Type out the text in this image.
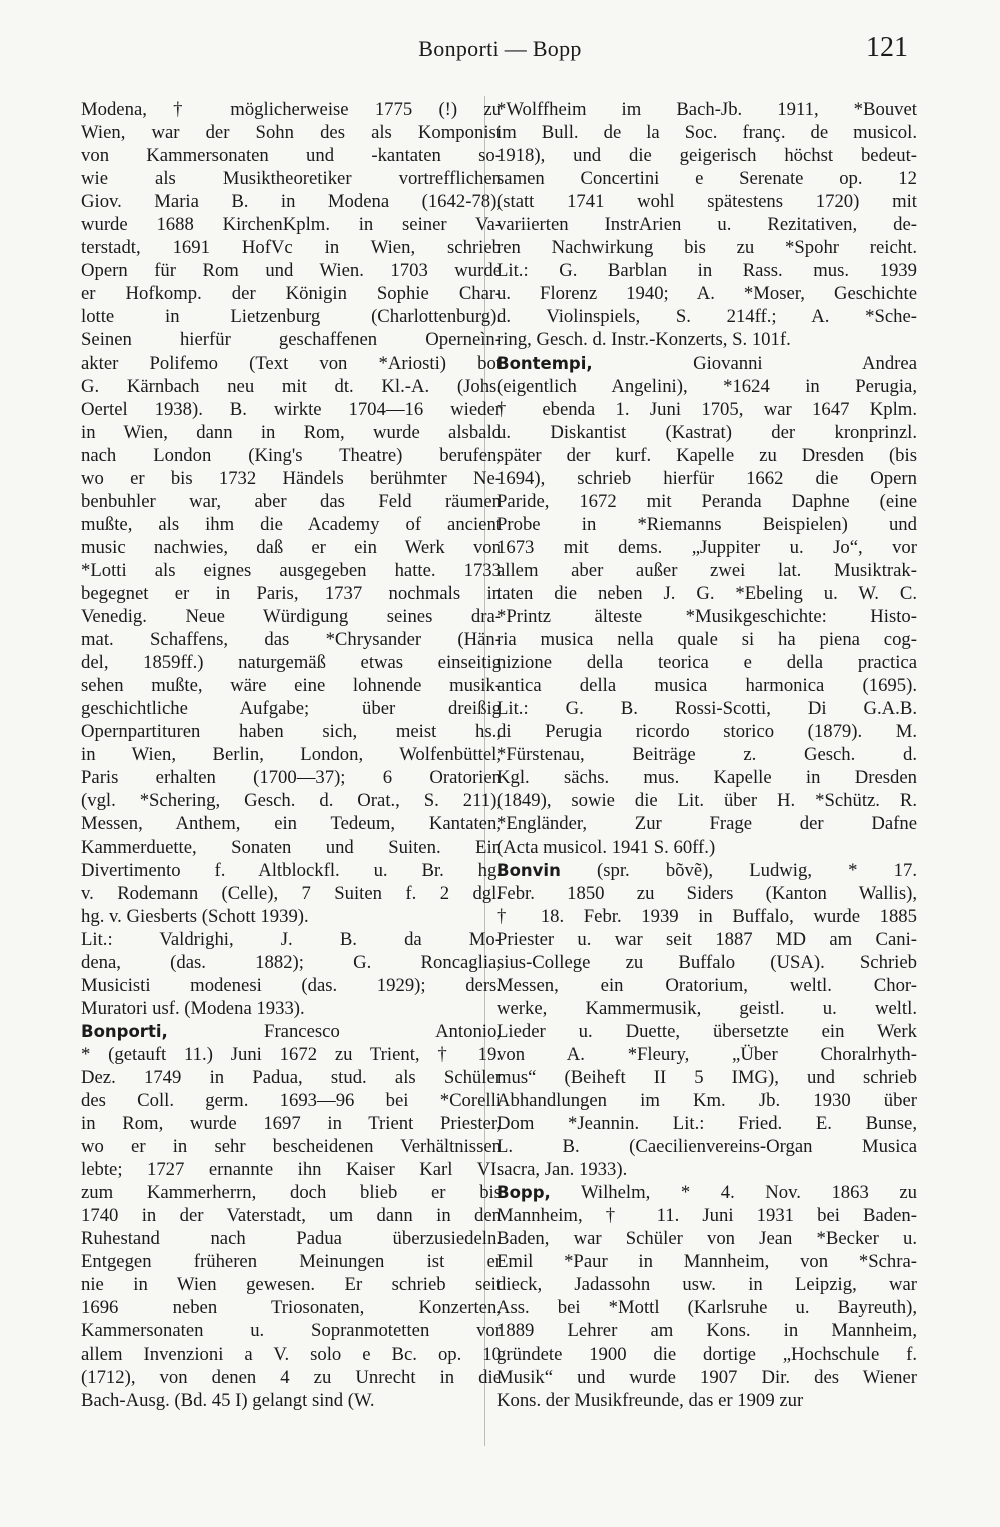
Bonporti — Bopp	121
Modena, † möglicherweise 1775 (!) zu
Wien, war der Sohn des als Komponist
von Kammersonaten und -kantaten so-
wie als Musiktheoretiker vortrefflichen
Giov. Maria B. in Modena (1642-78),
wurde 1688 KirchenKplm. in seiner Va-
terstadt, 1691 HofVc in Wien, schrieb
Opern für Rom und Wien. 1703 wurde
er Hofkomp. der Königin Sophie Char-
lotte in Lietzenburg (Charlottenburg).
Seinen hierfür geschaffenen Operneìn-
akter Polifemo (Text von *Ariosti) bot
G. Kärnbach neu mit dt. Kl.-A. (Johs.
Oertel 1938). B. wirkte 1704—16 wieder
in Wien, dann in Rom, wurde alsbald
nach London (King's Theatre) berufen,
wo er bis 1732 Händels berühmter Ne-
benbuhler war, aber das Feld räumen
mußte, als ihm die Academy of ancient
music nachwies, daß er ein Werk von
*Lotti als eignes ausgegeben hatte. 1733
begegnet er in Paris, 1737 nochmals in
Venedig. Neue Würdigung seines dra-
mat. Schaffens, das *Chrysander (Hän-
del, 1859ff.) naturgemäß etwas einseitig
sehen mußte, wäre eine lohnende musik-
geschichtliche Aufgabe; über dreißig
Opernpartituren haben sich, meist hs.,
in Wien, Berlin, London, Wolfenbüttel,
Paris erhalten (1700—37); 6 Oratorien
(vgl. *Schering, Gesch. d. Orat., S. 211),
Messen, Anthem, ein Tedeum, Kantaten,
Kammerduette, Sonaten und Suiten. Ein
Divertimento f. Altblockfl. u. Br. hg.
v. Rodemann (Celle), 7 Suiten f. 2 dgl.
hg. v. Giesberts (Schott 1939).
Lit.: Valdrighi, J. B. da Mo-
dena, (das. 1882); G. Roncaglia,
Musicisti modenesi (das. 1929); ders.
Muratori usf. (Modena 1933).
Bonporti, Francesco Antonio,
* (getauft 11.) Juni 1672 zu Trient, † 19.
Dez. 1749 in Padua, stud. als Schüler
des Coll. germ. 1693—96 bei *Corelli
in Rom, wurde 1697 in Trient Priester,
wo er in sehr bescheidenen Verhältnissen
lebte; 1727 ernannte ihn Kaiser Karl VI.
zum Kammerherrn, doch blieb er bis
1740 in der Vaterstadt, um dann in den
Ruhestand nach Padua überzusiedeln.
Entgegen früheren Meinungen ist er
nie in Wien gewesen. Er schrieb seit
1696 neben Triosonaten, Konzerten,
Kammersonaten u. Sopranmotetten vor
allem Invenzioni a V. solo e Bc. op. 10
(1712), von denen 4 zu Unrecht in die
Bach-Ausg. (Bd. 45 I) gelangt sind (W.
*Wolffheim im Bach-Jb. 1911, *Bouvet
im Bull. de la Soc. franç. de musicol.
1918), und die geigerisch höchst bedeut-
samen Concertini e Serenate op. 12
(statt 1741 wohl spätestens 1720) mit
variierten InstrArien u. Rezitativen, de-
ren Nachwirkung bis zu *Spohr reicht.
Lit.: G. Barblan in Rass. mus. 1939
u. Florenz 1940; A. *Moser, Geschichte
d. Violinspiels, S. 214ff.; A. *Sche-
ring, Gesch. d. Instr.-Konzerts, S. 101f.
Bontempi, Giovanni Andrea
(eigentlich Angelini), *1624 in Perugia,
† ebenda 1. Juni 1705, war 1647 Kplm.
u. Diskantist (Kastrat) der kronprinzl.
später der kurf. Kapelle zu Dresden (bis
1694), schrieb hierfür 1662 die Opern
Paride, 1672 mit Peranda Daphne (eine
Probe in *Riemanns Beispielen) und
1673 mit dems. „Juppiter u. Jo“, vor
allem aber außer zwei lat. Musiktrak-
taten die neben J. G. *Ebeling u. W. C.
*Printz älteste *Musikgeschichte: Histo-
ria musica nella quale si ha piena cog-
nizione della teorica e della practica
antica della musica harmonica (1695).
Lit.: G. B. Rossi-Scotti, Di G.A.B.
di Perugia ricordo storico (1879). M.
*Fürstenau, Beiträge z. Gesch. d.
Kgl. sächs. mus. Kapelle in Dresden
(1849), sowie die Lit. über H. *Schütz. R.
*Engländer, Zur Frage der Dafne
(Acta musicol. 1941 S. 60ff.)
Bonvin (spr. bõvẽ), Ludwig, * 17.
Febr. 1850 zu Siders (Kanton Wallis),
† 18. Febr. 1939 in Buffalo, wurde 1885
Priester u. war seit 1887 MD am Cani-
sius-College zu Buffalo (USA). Schrieb
Messen, ein Oratorium, weltl. Chor-
werke, Kammermusik, geistl. u. weltl.
Lieder u. Duette, übersetzte ein Werk
von A. *Fleury, „Über Choralrhyth-
mus“ (Beiheft II 5 IMG), und schrieb
Abhandlungen im Km. Jb. 1930 über
Dom *Jeannin. Lit.: Fried. E. Bunse,
L. B. (Caecilienvereins-Organ Musica
sacra, Jan. 1933).
Bopp, Wilhelm, * 4. Nov. 1863 zu
Mannheim, † 11. Juni 1931 bei Baden-
Baden, war Schüler von Jean *Becker u.
Emil *Paur in Mannheim, von *Schra-
dieck, Jadassohn usw. in Leipzig, war
Ass. bei *Mottl (Karlsruhe u. Bayreuth),
1889 Lehrer am Kons. in Mannheim,
gründete 1900 die dortige „Hochschule f.
Musik“ und wurde 1907 Dir. des Wiener
Kons. der Musikfreunde, das er 1909 zur
